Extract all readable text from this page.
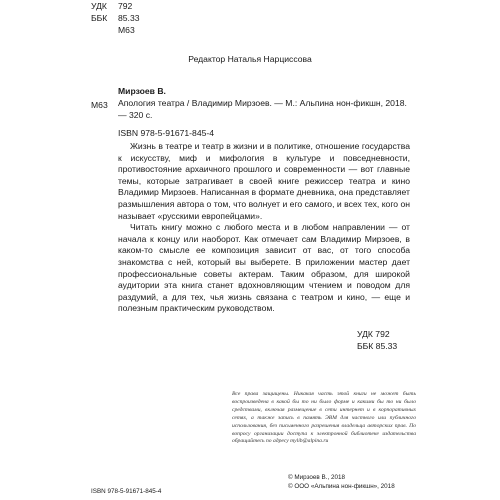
УДК	792
ББК	85.33
М63
Редактор Наталья Нарциссова
Мирзоев В.
М63 Апология театра / Владимир Мирзоев. — М.: Альпина нон-фикшн, 2018. — 320 с.
ISBN 978-5-91671-845-4

Жизнь в театре и театр в жизни и в политике, отношение государства к искусству, миф и мифология в культуре и повседневности, противостояние архаичного прошлого и современности — вот главные темы, которые затрагивает в своей книге режиссер театра и кино Владимир Мирзоев. Написанная в формате дневника, она представляет размышления автора о том, что волнует и его самого, и всех тех, кого он называет «русскими европейцами».

Читать книгу можно с любого места и в любом направлении — от начала к концу или наоборот. Как отмечает сам Владимир Мирзоев, в каком-то смысле ее композиция зависит от вас, от того способа знакомства с ней, который вы выберете. В приложении мастер дает профессиональные советы актерам. Таким образом, для широкой аудитории эта книга станет вдохновляющим чтением и поводом для раздумий, а для тех, чья жизнь связана с театром и кино, — еще и полезным практическим руководством.

УДК 792
ББК 85.33
Все права защищены. Никакая часть этой книги не может быть воспроизведена в какой бы то ни было форме и какими бы то ни было средствами, включая размещение в сети интернет и в корпоративных сетях, а также запись в память ЭВМ для частного или публичного использования, без письменного разрешения владельца авторских прав. По вопросу организации доступа к электронной библиотеке издательства обращайтесь по адресу mylib@alpina.ru
ISBN 978-5-91671-845-4
© Мирзоев В., 2018
© ООО «Альпина нон-фикшн», 2018
